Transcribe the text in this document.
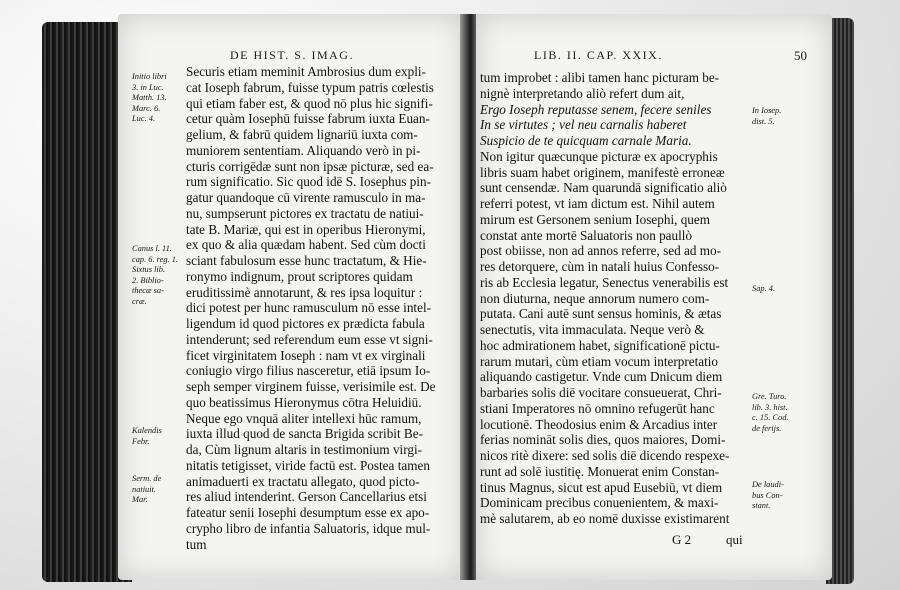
DE HIST. S. IMAG.
Securis etiam meminit Ambrosius dum expli-
cat Ioseph fabrum, fuisse typum patris cœlestis
qui etiam faber est, & quod nō plus hic signifi-
cetur quàm Iosephū fuisse fabrum iuxta Euan-
gelium, & fabrū quidem lignariū iuxta com-
muniorem sententiam. Aliquando verò in pi-
cturis corrigēdæ sunt non ipsæ picturæ, sed ea-
rum significatio. Sic quod idē S. Iosephus pin-
gatur quandoque cū virente ramusculo in ma-
nu, sumpserunt pictores ex tractatu de natiui-
tate B. Mariæ, qui est in operibus Hieronymi,
ex quo & alia quædam habent. Sed cùm docti
sciant fabulosum esse hunc tractatum, & Hie-
ronymo indignum, prout scriptores quidam
eruditissimè annotarunt, & res ipsa loquitur :
dici potest per hunc ramusculum nō esse intel-
ligendum id quod pictores ex prædicta fabula
intenderunt; sed referendum eum esse vt signi-
ficet virginitatem Ioseph : nam vt ex virginali
coniugio virgo filius nasceretur, etiā ipsum Io-
seph semper virginem fuisse, verisimile est. De
quo beatissimus Hieronymus cōtra Heluidiū.
Neque ego vnquā aliter intellexi hūc ramum,
iuxta illud quod de sancta Brigida scribit Be-
da, Cùm lignum altaris in testimonium virgi-
nitatis tetigisset, viride factū est. Postea tamen
animaduerti ex tractatu allegato, quod picto-
res aliud intenderint. Gerson Cancellarius etsi
fateatur senii Iosephi desumptum esse ex apo-
crypho libro de infantia Saluatoris, idque mul-
tum
Initio libri
3. in Luc.
Matth. 13.
Marc. 6.
Luc. 4.
Canus l. 11.
cap. 6. reg. 1.
Sixtus lib.
2. Biblio-
thecæ sa-
cræ.
Kalendis
Febr.
Serm. de
natiuit.
Mar.
LIB. II. CAP. XXIX.	50
tum improbet : alibi tamen hanc picturam be-
nignè interpretando aliò refert dum ait,
Ergo Ioseph reputasse senem, fecere seniles
In se virtutes ; vel neu carnalis haberet
Suspicio de te quicquam carnale Maria.
Non igitur quæcunque picturæ ex apocryphis
libris suam habet originem, manifestè erroneæ
sunt censendæ. Nam quarundā significatio aliò
referri potest, vt iam dictum est. Nihil autem
mirum est Gersonem senium Iosephi, quem
constat ante mortē Saluatoris non paullò
post obiisse, non ad annos referre, sed ad mo-
res detorquere, cùm in natali huius Confesso-
ris ab Ecclesia legatur, Senectus venerabilis est
non diuturna, neque annorum numero com-
putata. Cani autē sunt sensus hominis, & ætas
senectutis, vita immaculata. Neque verò &
hoc admirationem habet, significationē pictu-
rarum mutari, cùm etiam vocum interpretatio
aliquando castigetur. Vnde cum Dnicum diem
barbaries solis diē vocitare consueuerat, Chri-
stiani Imperatores nō omnino refugerūt hanc
locutionē. Theodosius enim & Arcadius inter
ferias nomināt solis dies, quos maiores, Domi-
nicos ritè dixere: sed solis diē dicendo respexe-
runt ad solē iustitię. Monuerat enim Constan-
tinus Magnus, sicut est apud Eusebiū, vt diem
Dominicam precibus conuenientem, & maxi-
mè salutarem, ab eo nomē duxisse existimarent
In Iosep.
dist. 5.
Sap. 4.
Gre. Turo.
lib. 3. hist.
c. 15. Cod.
de ferijs.
De laudi-
bus Con-
stant.
G 2	qui
